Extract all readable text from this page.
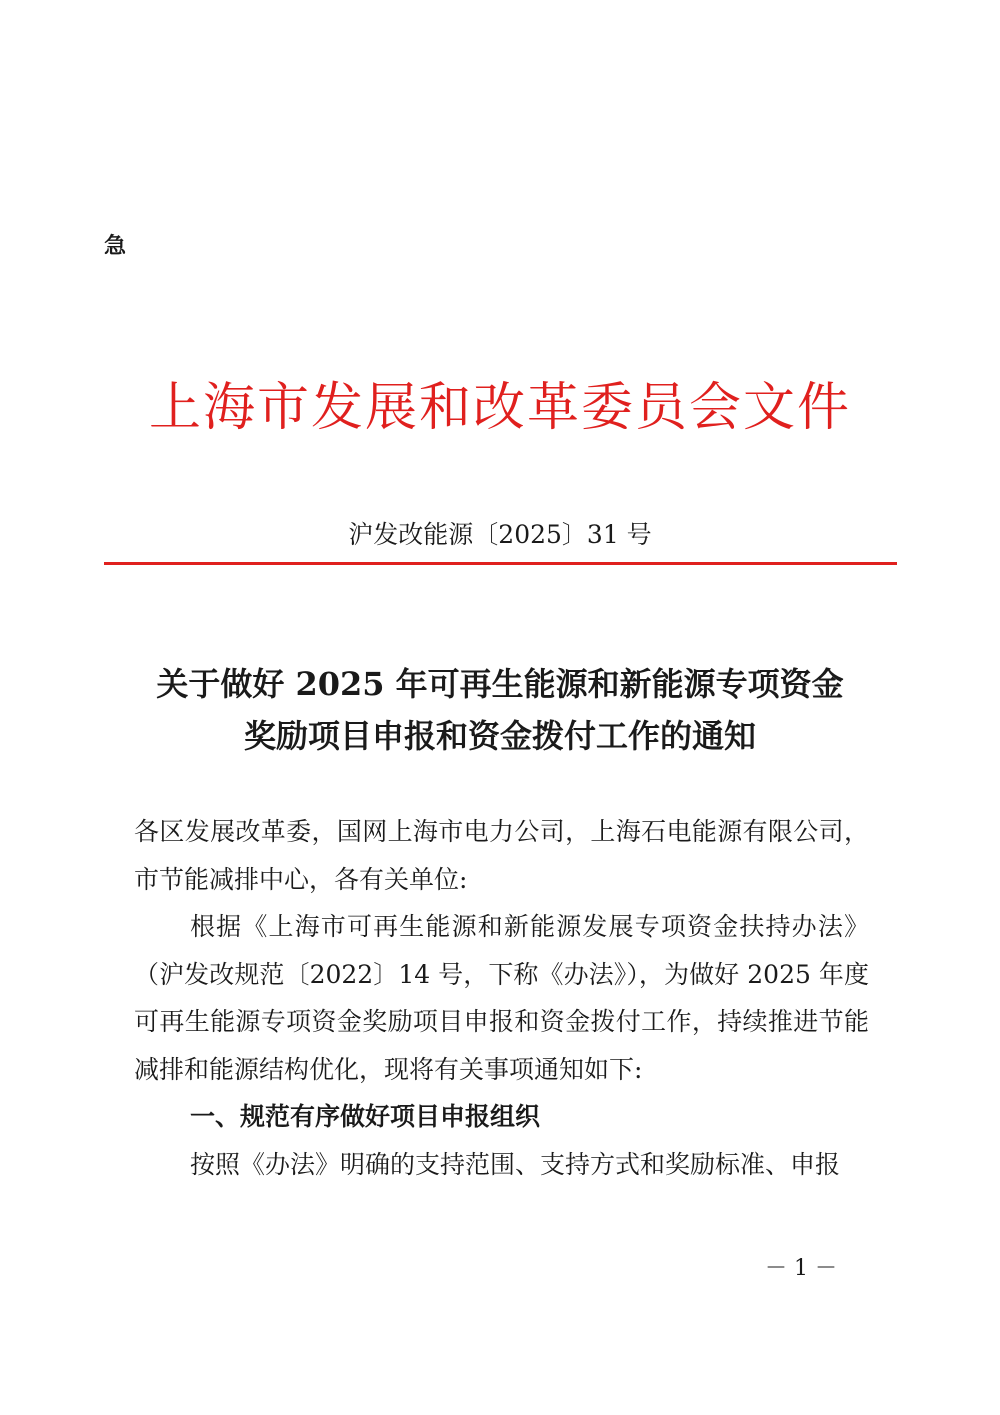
急
上海市发展和改革委员会文件
沪发改能源〔2025〕31 号
关于做好 2025 年可再生能源和新能源专项资金
奖励项目申报和资金拨付工作的通知

各区发展改革委，国网上海市电力公司，上海石电能源有限公司，市节能减排中心，各有关单位:

根据《上海市可再生能源和新能源发展专项资金扶持办法》（沪发改规范〔2022〕14 号，下称《办法》），为做好 2025 年度可再生能源专项资金奖励项目申报和资金拨付工作，持续推进节能减排和能源结构优化，现将有关事项通知如下:

一、规范有序做好项目申报组织

按照《办法》明确的支持范围、支持方式和奖励标准、申报

－ 1 －
